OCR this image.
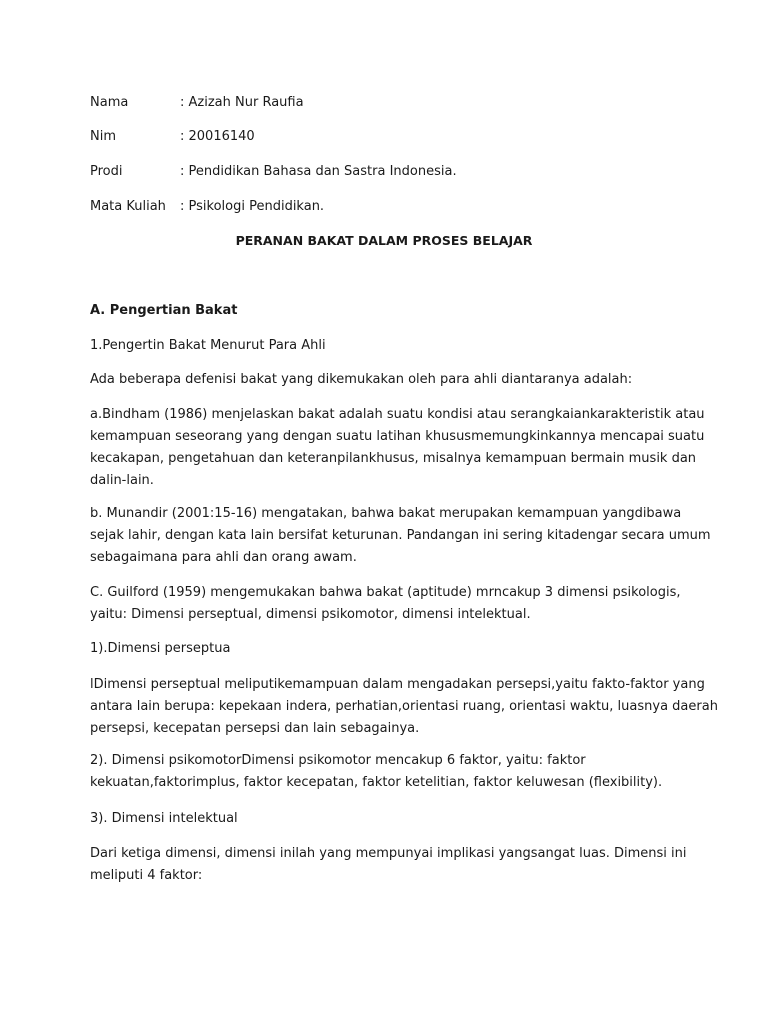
Nama	: Azizah Nur Raufia
Nim	: 20016140
Prodi	: Pendidikan Bahasa dan Sastra Indonesia.
Mata Kuliah : Psikologi Pendidikan.
PERANAN BAKAT DALAM PROSES BELAJAR
A. Pengertian Bakat
1.Pengertin Bakat Menurut Para Ahli
Ada beberapa defenisi bakat yang dikemukakan oleh para ahli diantaranya adalah:
a.Bindham (1986) menjelaskan bakat adalah suatu kondisi atau serangkaiankarakteristik atau
kemampuan seseorang yang dengan suatu latihan khususmemungkinkannya mencapai suatu
kecakapan, pengetahuan dan keteranpilankhusus, misalnya kemampuan bermain musik dan
dalin-lain.
b. Munandir (2001:15-16) mengatakan, bahwa bakat merupakan kemampuan yangdibawa
sejak lahir, dengan kata lain bersifat keturunan. Pandangan ini sering kitadengar secara umum
sebagaimana para ahli dan orang awam.
C. Guilford (1959) mengemukakan bahwa bakat (aptitude) mrncakup 3 dimensi psikologis,
yaitu: Dimensi perseptual, dimensi psikomotor, dimensi intelektual.
1).Dimensi perseptua
lDimensi perseptual meliputikemampuan dalam mengadakan persepsi,yaitu fakto-faktor yang
antara lain berupa: kepekaan indera, perhatian,orientasi ruang, orientasi waktu, luasnya daerah
persepsi, kecepatan persepsi dan lain sebagainya.
2). Dimensi psikomotorDimensi psikomotor mencakup 6 faktor, yaitu: faktor
kekuatan,faktorimplus, faktor kecepatan, faktor ketelitian, faktor keluwesan (flexibility).
3). Dimensi intelektual
Dari ketiga dimensi, dimensi inilah yang mempunyai implikasi yangsangat luas. Dimensi ini
meliputi 4 faktor:
